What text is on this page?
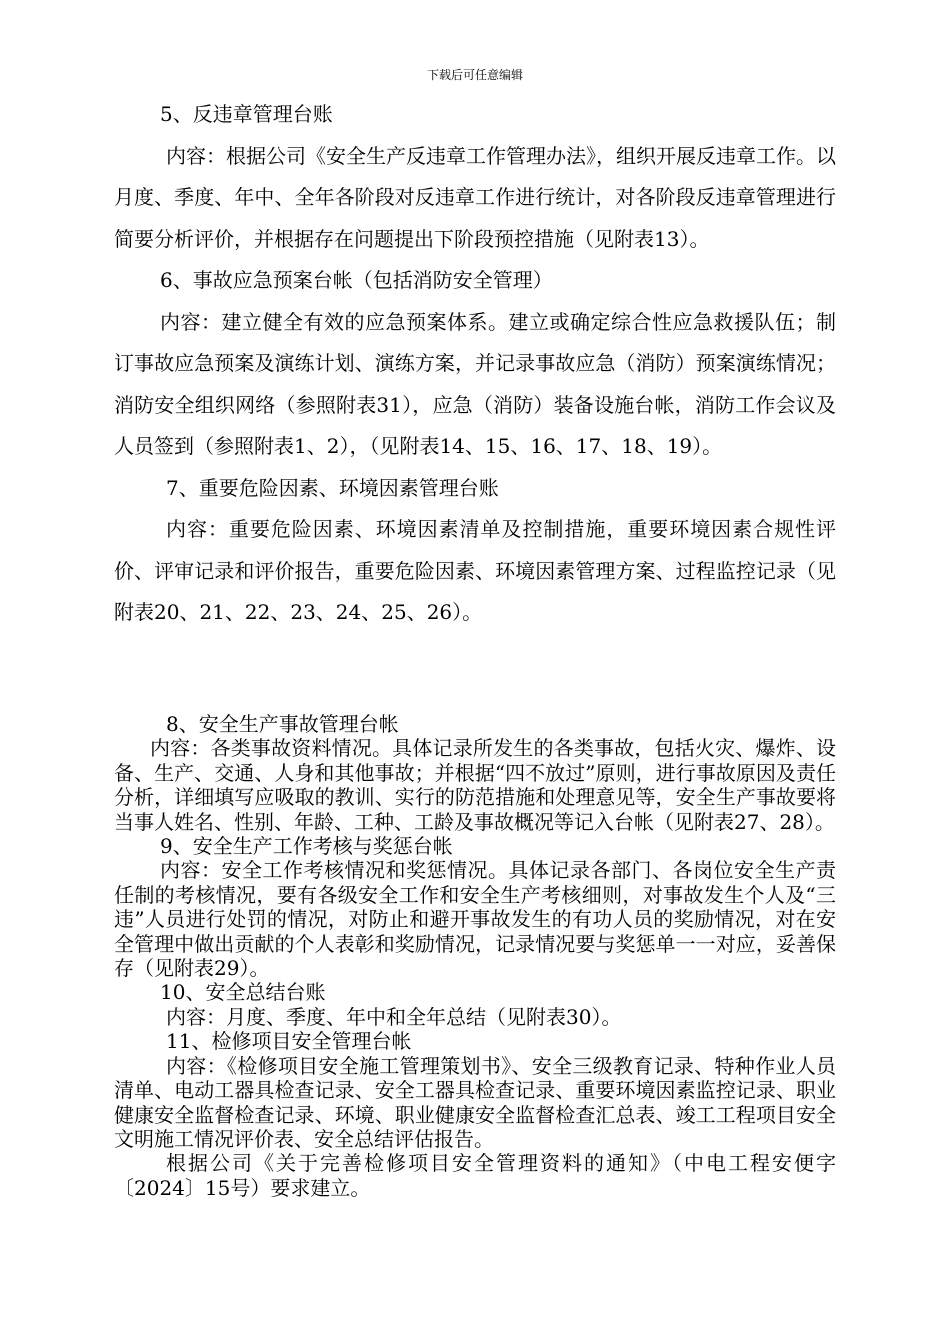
下载后可任意编辑

5、反违章管理台账

内容：根据公司《安全生产反违章工作管理办法》，组织开展反违章工作。以月度、季度、年中、全年各阶段对反违章工作进行统计，对各阶段反违章管理进行简要分析评价，并根据存在问题提出下阶段预控措施（见附表13）。

6、事故应急预案台帐（包括消防安全管理）

内容：建立健全有效的应急预案体系。建立或确定综合性应急救援队伍；制订事故应急预案及演练计划、演练方案，并记录事故应急（消防）预案演练情况；消防安全组织网络（参照附表31），应急（消防）装备设施台帐，消防工作会议及人员签到（参照附表1、2），（见附表14、15、16、17、18、19）。

7、重要危险因素、环境因素管理台账

内容：重要危险因素、环境因素清单及控制措施，重要环境因素合规性评价、评审记录和评价报告，重要危险因素、环境因素管理方案、过程监控记录（见附表20、21、22、23、24、25、26）。

8、安全生产事故管理台帐

内容：各类事故资料情况。具体记录所发生的各类事故，包括火灾、爆炸、设备、生产、交通、人身和其他事故；并根据“四不放过”原则，进行事故原因及责任分析，详细填写应吸取的教训、实行的防范措施和处理意见等，安全生产事故要将当事人姓名、性别、年龄、工种、工龄及事故概况等记入台帐（见附表27、28）。

9、安全生产工作考核与奖惩台帐

内容：安全工作考核情况和奖惩情况。具体记录各部门、各岗位安全生产责任制的考核情况，要有各级安全工作和安全生产考核细则，对事故发生个人及“三违”人员进行处罚的情况，对防止和避开事故发生的有功人员的奖励情况，对在安全管理中做出贡献的个人表彰和奖励情况，记录情况要与奖惩单一一对应，妥善保存（见附表29）。

10、安全总结台账

内容：月度、季度、年中和全年总结（见附表30）。

11、检修项目安全管理台帐

内容：《检修项目安全施工管理策划书》、安全三级教育记录、特种作业人员清单、电动工器具检查记录、安全工器具检查记录、重要环境因素监控记录、职业健康安全监督检查记录、环境、职业健康安全监督检查汇总表、竣工工程项目安全文明施工情况评价表、安全总结评估报告。

根据公司《关于完善检修项目安全管理资料的通知》（中电工程安便字〔2024〕15号）要求建立。
